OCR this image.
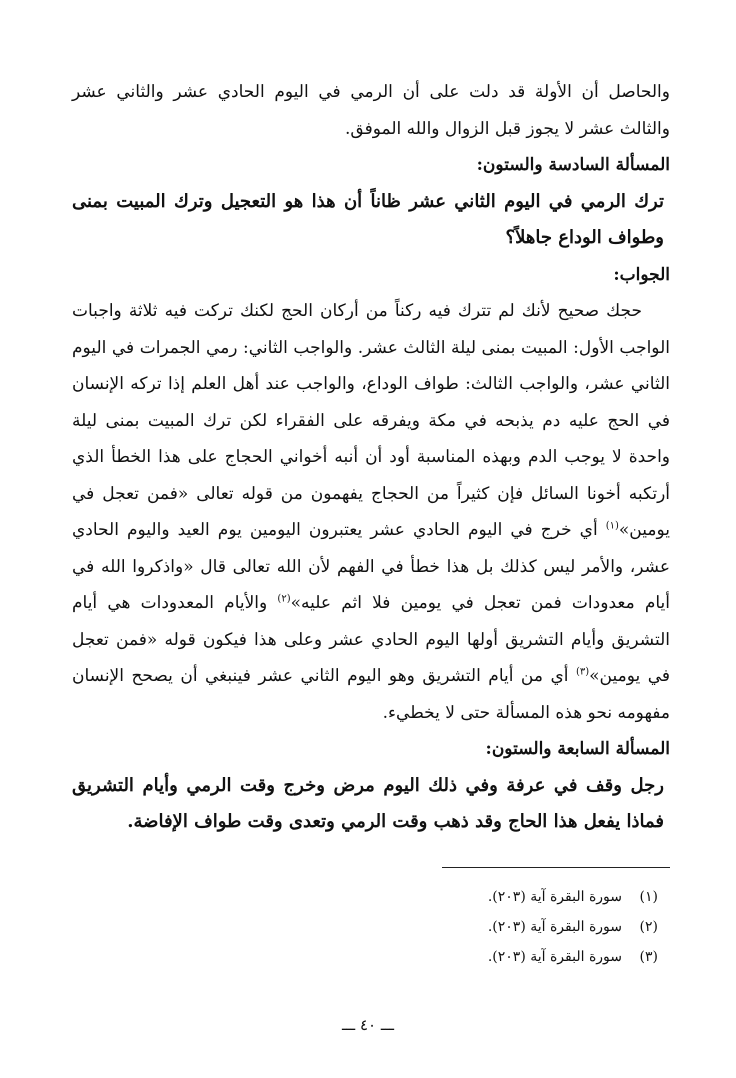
والحاصل أن الأولة قد دلت على أن الرمي في اليوم الحادي عشر والثاني عشر والثالث عشر لا يجوز قبل الزوال والله الموفق.

المسألة السادسة والستون:

ترك الرمي في اليوم الثاني عشر ظاناً أن هذا هو التعجيل وترك المبيت بمنى وطواف الوداع جاهلاً؟

الجواب:

حجك صحيح لأنك لم تترك فيه ركناً من أركان الحج لكنك تركت فيه ثلاثة واجبات الواجب الأول: المبيت بمنى ليلة الثالث عشر. والواجب الثاني: رمي الجمرات في اليوم الثاني عشر، والواجب الثالث: طواف الوداع، والواجب عند أهل العلم إذا تركه الإنسان في الحج عليه دم يذبحه في مكة ويفرقه على الفقراء لكن ترك المبيت بمنى ليلة واحدة لا يوجب الدم وبهذه المناسبة أود أن أنبه أخواني الحجاج على هذا الخطأ الذي أرتكبه أخونا السائل فإن كثيراً من الحجاج يفهمون من قوله تعالى «فمن تعجل في يومين»$^{(١)}$ أي خرج في اليوم الحادي عشر يعتبرون اليومين يوم العيد واليوم الحادي عشر، والأمر ليس كذلك بل هذا خطأ في الفهم لأن الله تعالى قال «واذكروا الله في أيام معدودات فمن تعجل في يومين فلا اثم عليه»$^{(٢)}$ والأيام المعدودات هي أيام التشريق وأيام التشريق أولها اليوم الحادي عشر وعلى هذا فيكون قوله «فمن تعجل في يومين»$^{(٣)}$ أي من أيام التشريق وهو اليوم الثاني عشر فينبغي أن يصحح الإنسان مفهومه نحو هذه المسألة حتى لا يخطيء.

المسألة السابعة والستون:

رجل وقف في عرفة وفي ذلك اليوم مرض وخرج وقت الرمي وأيام التشريق فماذا يفعل هذا الحاج وقد ذهب وقت الرمي وتعدى وقت طواف الإفاضة.

(١)
سورة البقرة آية (٢٠٣).
(٢)
سورة البقرة آية (٢٠٣).
(٣)
سورة البقرة آية (٢٠٣).
ـــ ٤٠ ـــ
